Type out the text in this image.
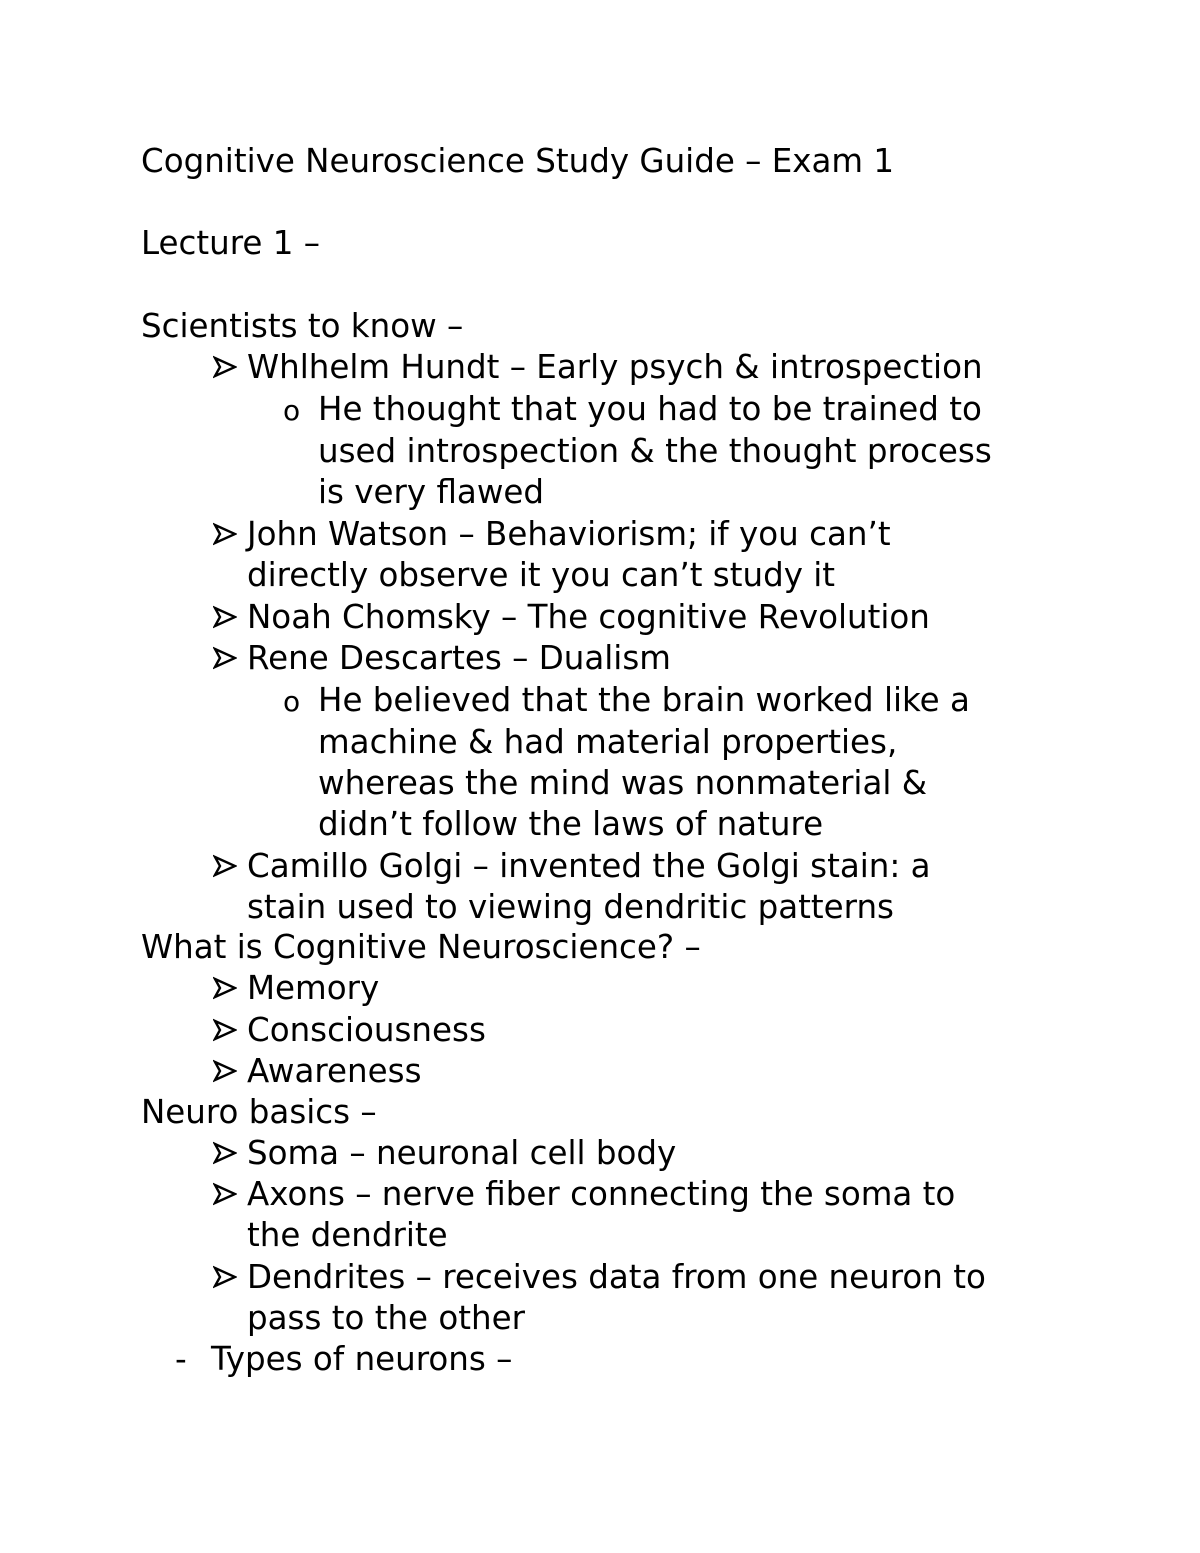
Cognitive Neuroscience Study Guide – Exam 1

Lecture 1 –

Scientists to know –

Whlhelm Hundt – Early psych & introspection

o He thought that you had to be trained to

used introspection & the thought process

is very flawed

John Watson – Behaviorism; if you can’t

directly observe it you can’t study it

Noah Chomsky – The cognitive Revolution

Rene Descartes – Dualism

o He believed that the brain worked like a

machine & had material properties,

whereas the mind was nonmaterial &

didn’t follow the laws of nature

Camillo Golgi – invented the Golgi stain: a

stain used to viewing dendritic patterns

What is Cognitive Neuroscience? –

Memory

Consciousness

Awareness

Neuro basics –

Soma – neuronal cell body

Axons – nerve fiber connecting the soma to

the dendrite

Dendrites – receives data from one neuron to

pass to the other

- Types of neurons –
